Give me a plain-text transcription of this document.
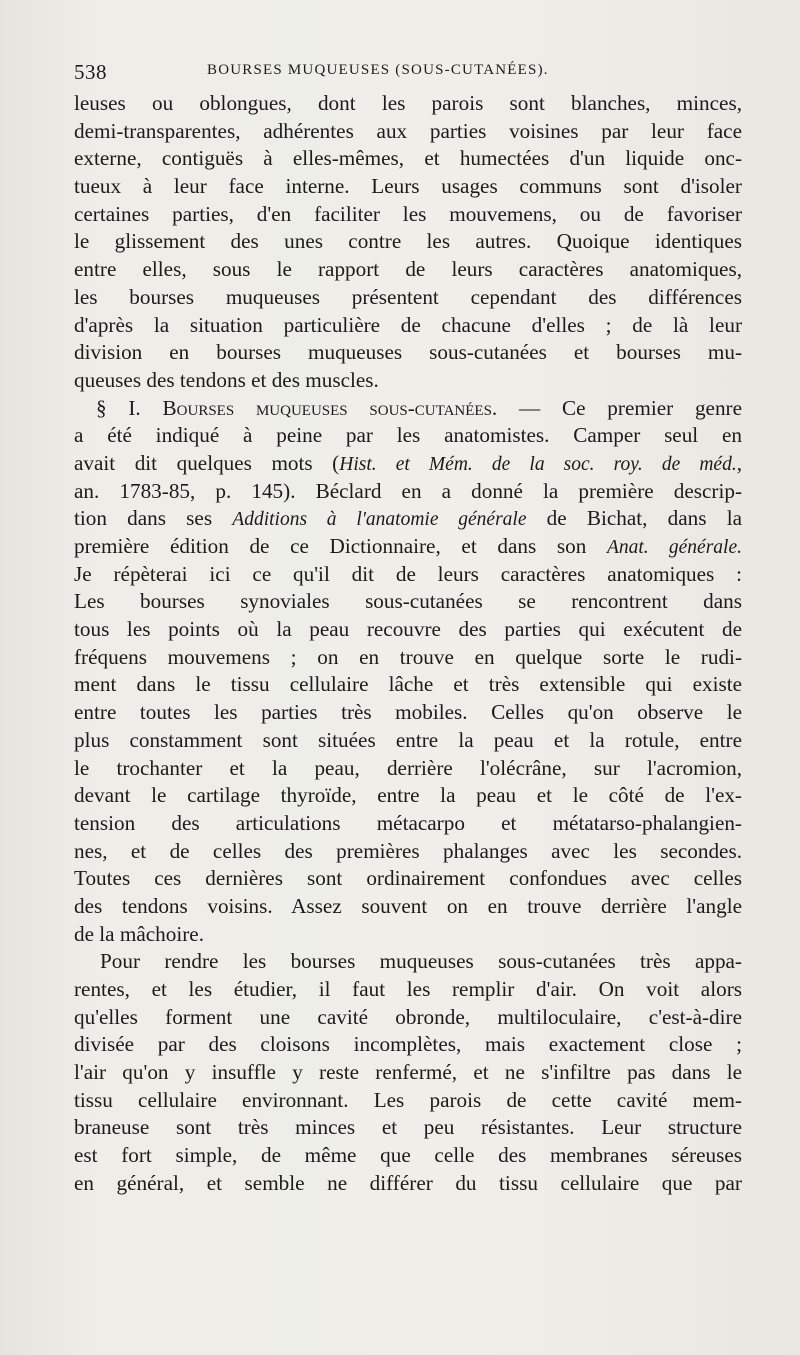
538	BOURSES MUQUEUSES (SOUS-CUTANÉES).
leuses ou oblongues, dont les parois sont blanches, minces,
demi-transparentes, adhérentes aux parties voisines par leur face
externe, contiguës à elles-mêmes, et humectées d'un liquide onc-
tueux à leur face interne. Leurs usages communs sont d'isoler
certaines parties, d'en faciliter les mouvemens, ou de favoriser
le glissement des unes contre les autres. Quoique identiques
entre elles, sous le rapport de leurs caractères anatomiques,
les bourses muqueuses présentent cependant des différences
d'après la situation particulière de chacune d'elles ; de là leur
division en bourses muqueuses sous-cutanées et bourses mu-
queuses des tendons et des muscles.
§ I. Bourses muqueuses sous-cutanées. — Ce premier genre
a été indiqué à peine par les anatomistes. Camper seul en
avait dit quelques mots (Hist. et Mém. de la soc. roy. de méd.,
an. 1783-85, p. 145). Béclard en a donné la première descrip-
tion dans ses Additions à l'anatomie générale de Bichat, dans la
première édition de ce Dictionnaire, et dans son Anat. générale.
Je répèterai ici ce qu'il dit de leurs caractères anatomiques :
Les bourses synoviales sous-cutanées se rencontrent dans
tous les points où la peau recouvre des parties qui exécutent de
fréquens mouvemens ; on en trouve en quelque sorte le rudi-
ment dans le tissu cellulaire lâche et très extensible qui existe
entre toutes les parties très mobiles. Celles qu'on observe le
plus constamment sont situées entre la peau et la rotule, entre
le trochanter et la peau, derrière l'olécrâne, sur l'acromion,
devant le cartilage thyroïde, entre la peau et le côté de l'ex-
tension des articulations métacarpo et métatarso-phalangien-
nes, et de celles des premières phalanges avec les secondes.
Toutes ces dernières sont ordinairement confondues avec celles
des tendons voisins. Assez souvent on en trouve derrière l'angle
de la mâchoire.
Pour rendre les bourses muqueuses sous-cutanées très appa-
rentes, et les étudier, il faut les remplir d'air. On voit alors
qu'elles forment une cavité obronde, multiloculaire, c'est-à-dire
divisée par des cloisons incomplètes, mais exactement close ;
l'air qu'on y insuffle y reste renfermé, et ne s'infiltre pas dans le
tissu cellulaire environnant. Les parois de cette cavité mem-
braneuse sont très minces et peu résistantes. Leur structure
est fort simple, de même que celle des membranes séreuses
en général, et semble ne différer du tissu cellulaire que par
